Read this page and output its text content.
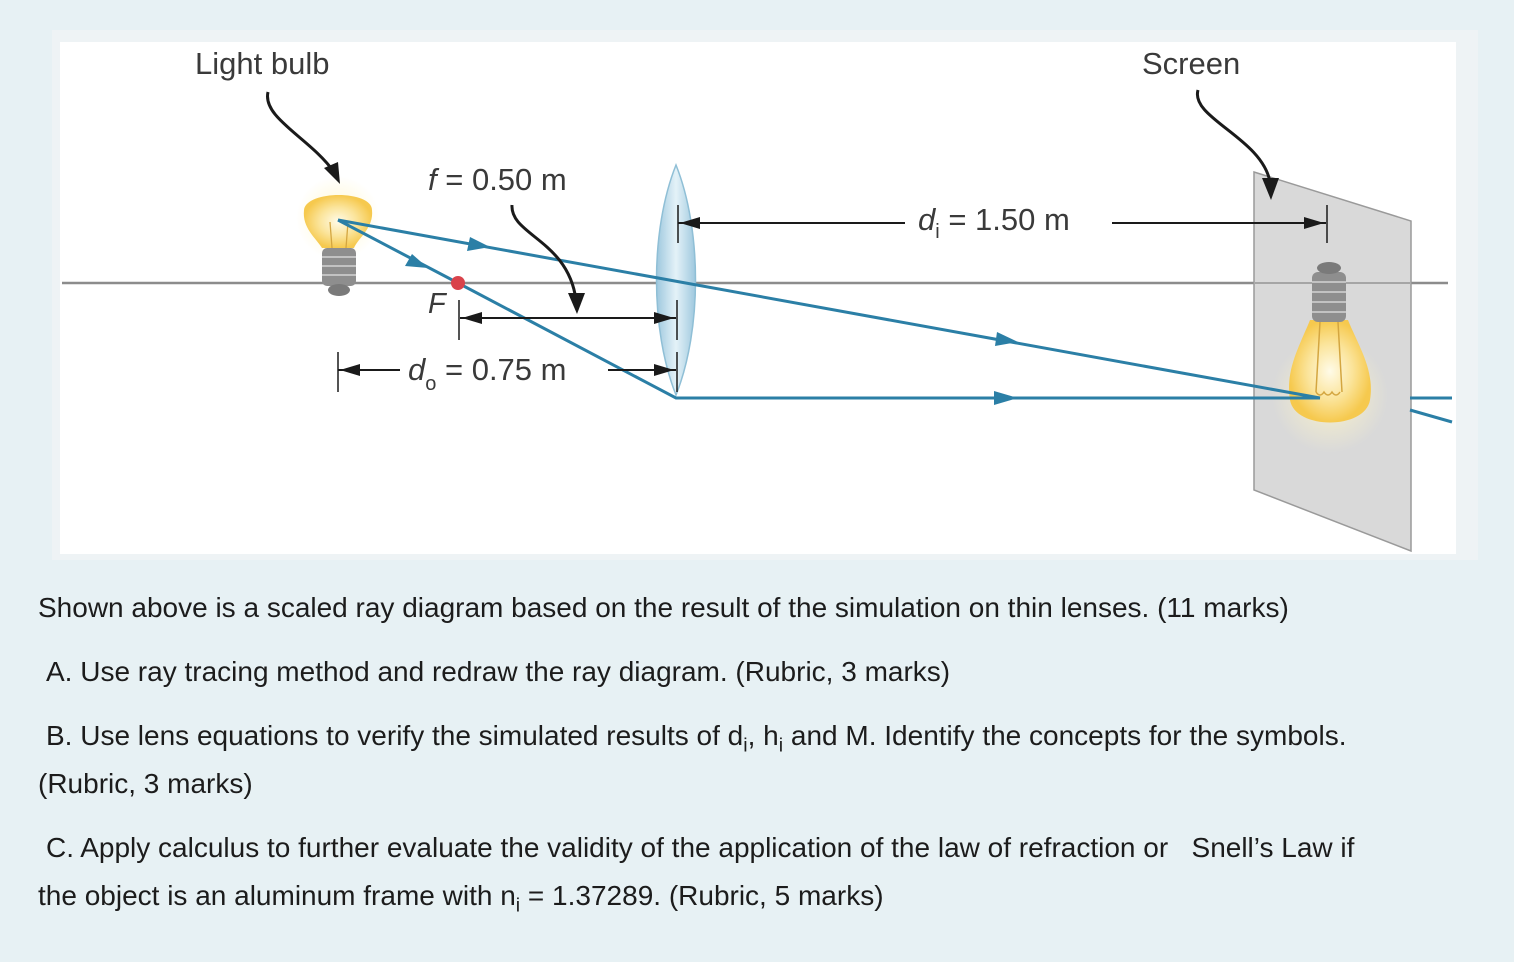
Light bulb	Screen
f = 0.50 m
F
$d_i = 1.50$ m
$d_o = 0.75$ m

Shown above is a scaled ray diagram based on the result of the simulation on thin lenses. (11 marks)

A. Use ray tracing method and redraw the ray diagram. (Rubric, 3 marks)

B. Use lens equations to verify the simulated results of $d_i$, $h_i$ and M. Identify the concepts for the symbols.

(Rubric, 3 marks)

C. Apply calculus to further evaluate the validity of the application of the law of refraction or   Snell’s Law if

the object is an aluminum frame with $n_i = 1.37289$. (Rubric, 5 marks)
